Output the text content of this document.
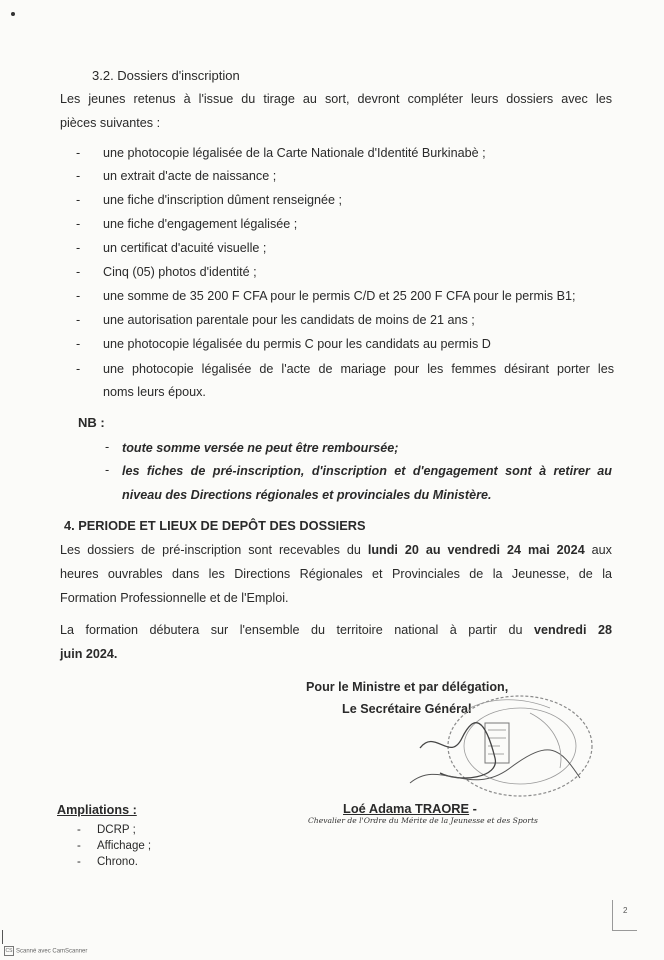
3.2. Dossiers d'inscription
Les jeunes retenus à l'issue du tirage au sort, devront compléter leurs dossiers avec les
pièces suivantes :
- une photocopie légalisée de la Carte Nationale d'Identité Burkinabè ;
- un extrait d'acte de naissance ;
- une fiche d'inscription dûment renseignée ;
- une fiche d'engagement légalisée ;
- un certificat d'acuité visuelle ;
- Cinq (05) photos d'identité ;
- une somme de 35 200 F CFA pour le permis C/D et 25 200 F CFA pour le permis B1;
- une autorisation parentale pour les candidats de moins de 21 ans ;
- une photocopie légalisée du permis C pour les candidats au permis D
- une photocopie légalisée de l'acte de mariage pour les femmes désirant porter les
noms leurs époux.
NB :
- toute somme versée ne peut être remboursée;
- les fiches de pré-inscription, d'inscription et d'engagement sont à retirer au
niveau des Directions régionales et provinciales du Ministère.
4. PERIODE ET LIEUX DE DEPÔT DES DOSSIERS
Les dossiers de pré-inscription sont recevables du lundi 20 au vendredi 24 mai 2024 aux
heures ouvrables dans les Directions Régionales et Provinciales de la Jeunesse, de la
Formation Professionnelle et de l'Emploi.
La formation débutera sur l'ensemble du territoire national à partir du vendredi 28
juin 2024.
Pour le Ministre et par délégation,
Le Secrétaire Général
Loé Adama TRAORE -
Chevalier de l'Ordre du Mérite de la Jeunesse et des Sports
Ampliations :
- DCRP ;
- Affichage ;
- Chrono.
2
CS Scanné avec CamScanner
